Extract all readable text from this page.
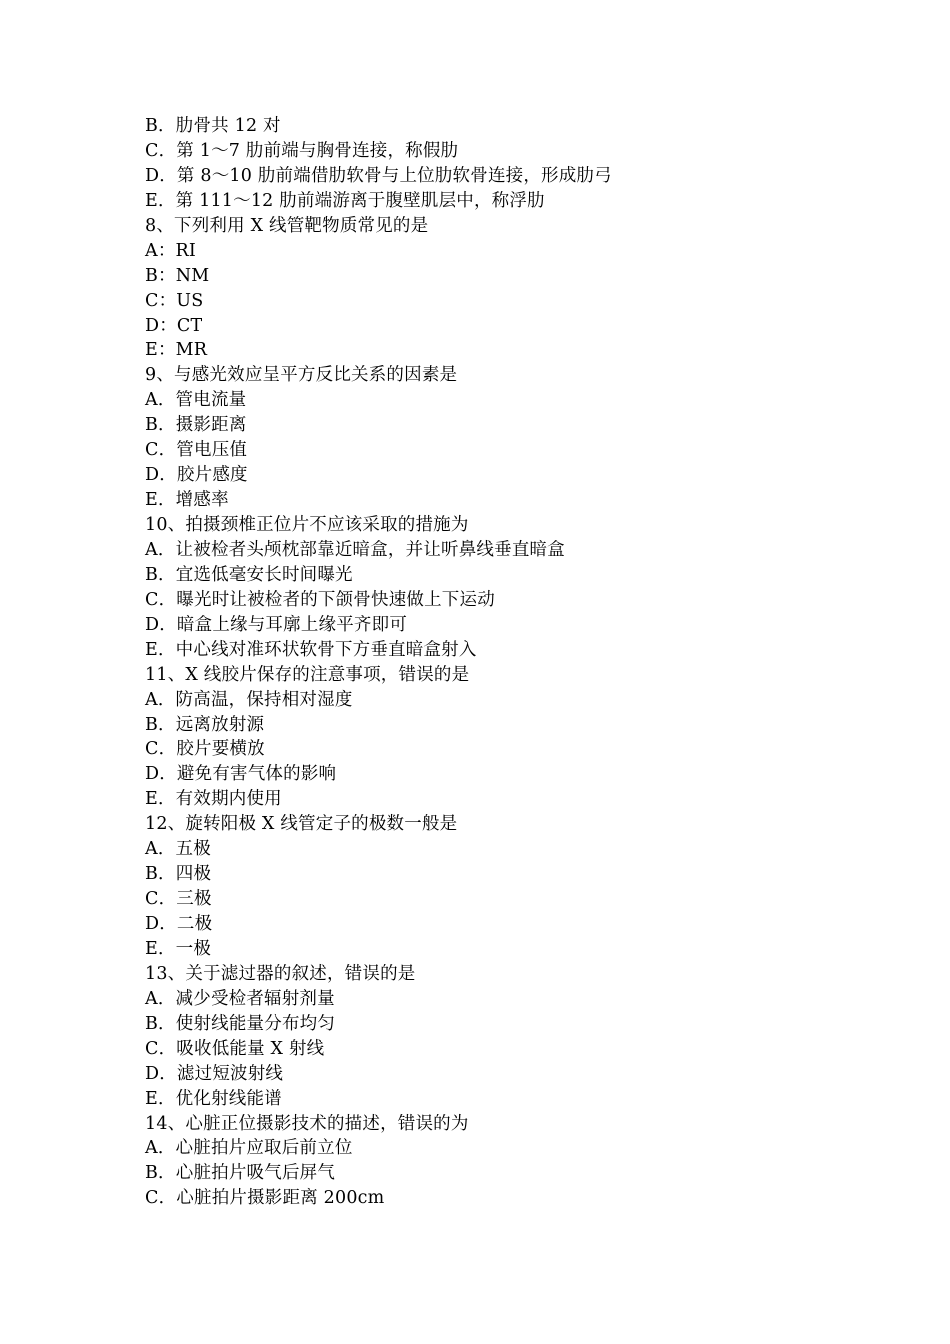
B．肋骨共 12 对
C．第 1～7 肋前端与胸骨连接，称假肋
D．第 8～10 肋前端借肋软骨与上位肋软骨连接，形成肋弓
E．第 111～12 肋前端游离于腹壁肌层中，称浮肋
8、下列利用 X 线管靶物质常见的是
A：RI
B：NM
C：US
D：CT
E：MR
9、与感光效应呈平方反比关系的因素是
A．管电流量
B．摄影距离
C．管电压值
D．胶片感度
E．增感率
10、拍摄颈椎正位片不应该采取的措施为
A．让被检者头颅枕部靠近暗盒，并让听鼻线垂直暗盒
B．宜选低毫安长时间曝光
C．曝光时让被检者的下颌骨快速做上下运动
D．暗盒上缘与耳廓上缘平齐即可
E．中心线对准环状软骨下方垂直暗盒射入
11、X 线胶片保存的注意事项，错误的是
A．防高温，保持相对湿度
B．远离放射源
C．胶片要横放
D．避免有害气体的影响
E．有效期内使用
12、旋转阳极 X 线管定子的极数一般是
A．五极
B．四极
C．三极
D．二极
E．一极
13、关于滤过器的叙述，错误的是
A．减少受检者辐射剂量
B．使射线能量分布均匀
C．吸收低能量 X 射线
D．滤过短波射线
E．优化射线能谱
14、心脏正位摄影技术的描述，错误的为
A．心脏拍片应取后前立位
B．心脏拍片吸气后屏气
C．心脏拍片摄影距离 200cm
